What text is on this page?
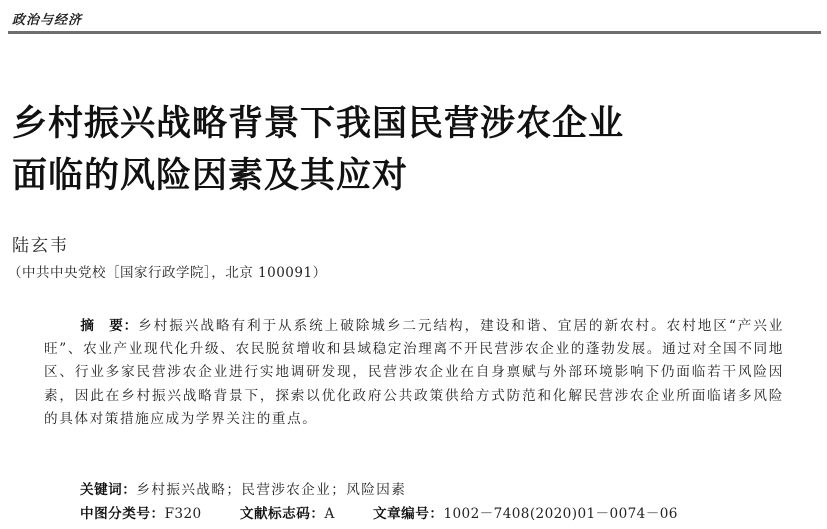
政治与经济
乡村振兴战略背景下我国民营涉农企业
面临的风险因素及其应对
陆玄韦
（中共中央党校［国家行政学院］，北京 100091）

摘　要：乡村振兴战略有利于从系统上破除城乡二元结构，建设和谐、宜居的新农村。农村地区“产兴业旺”、农业产业现代化升级、农民脱贫增收和县域稳定治理离不开民营涉农企业的蓬勃发展。通过对全国不同地区、行业多家民营涉农企业进行实地调研发现，民营涉农企业在自身禀赋与外部环境影响下仍面临若干风险因素，因此在乡村振兴战略背景下，探索以优化政府公共政策供给方式防范和化解民营涉农企业所面临诸多风险的具体对策措施应成为学界关注的重点。

关键词：乡村振兴战略；民营涉农企业；风险因素
中图分类号：F320	文献标志码：A	文章编号：1002－7408(2020)01－0074－06
